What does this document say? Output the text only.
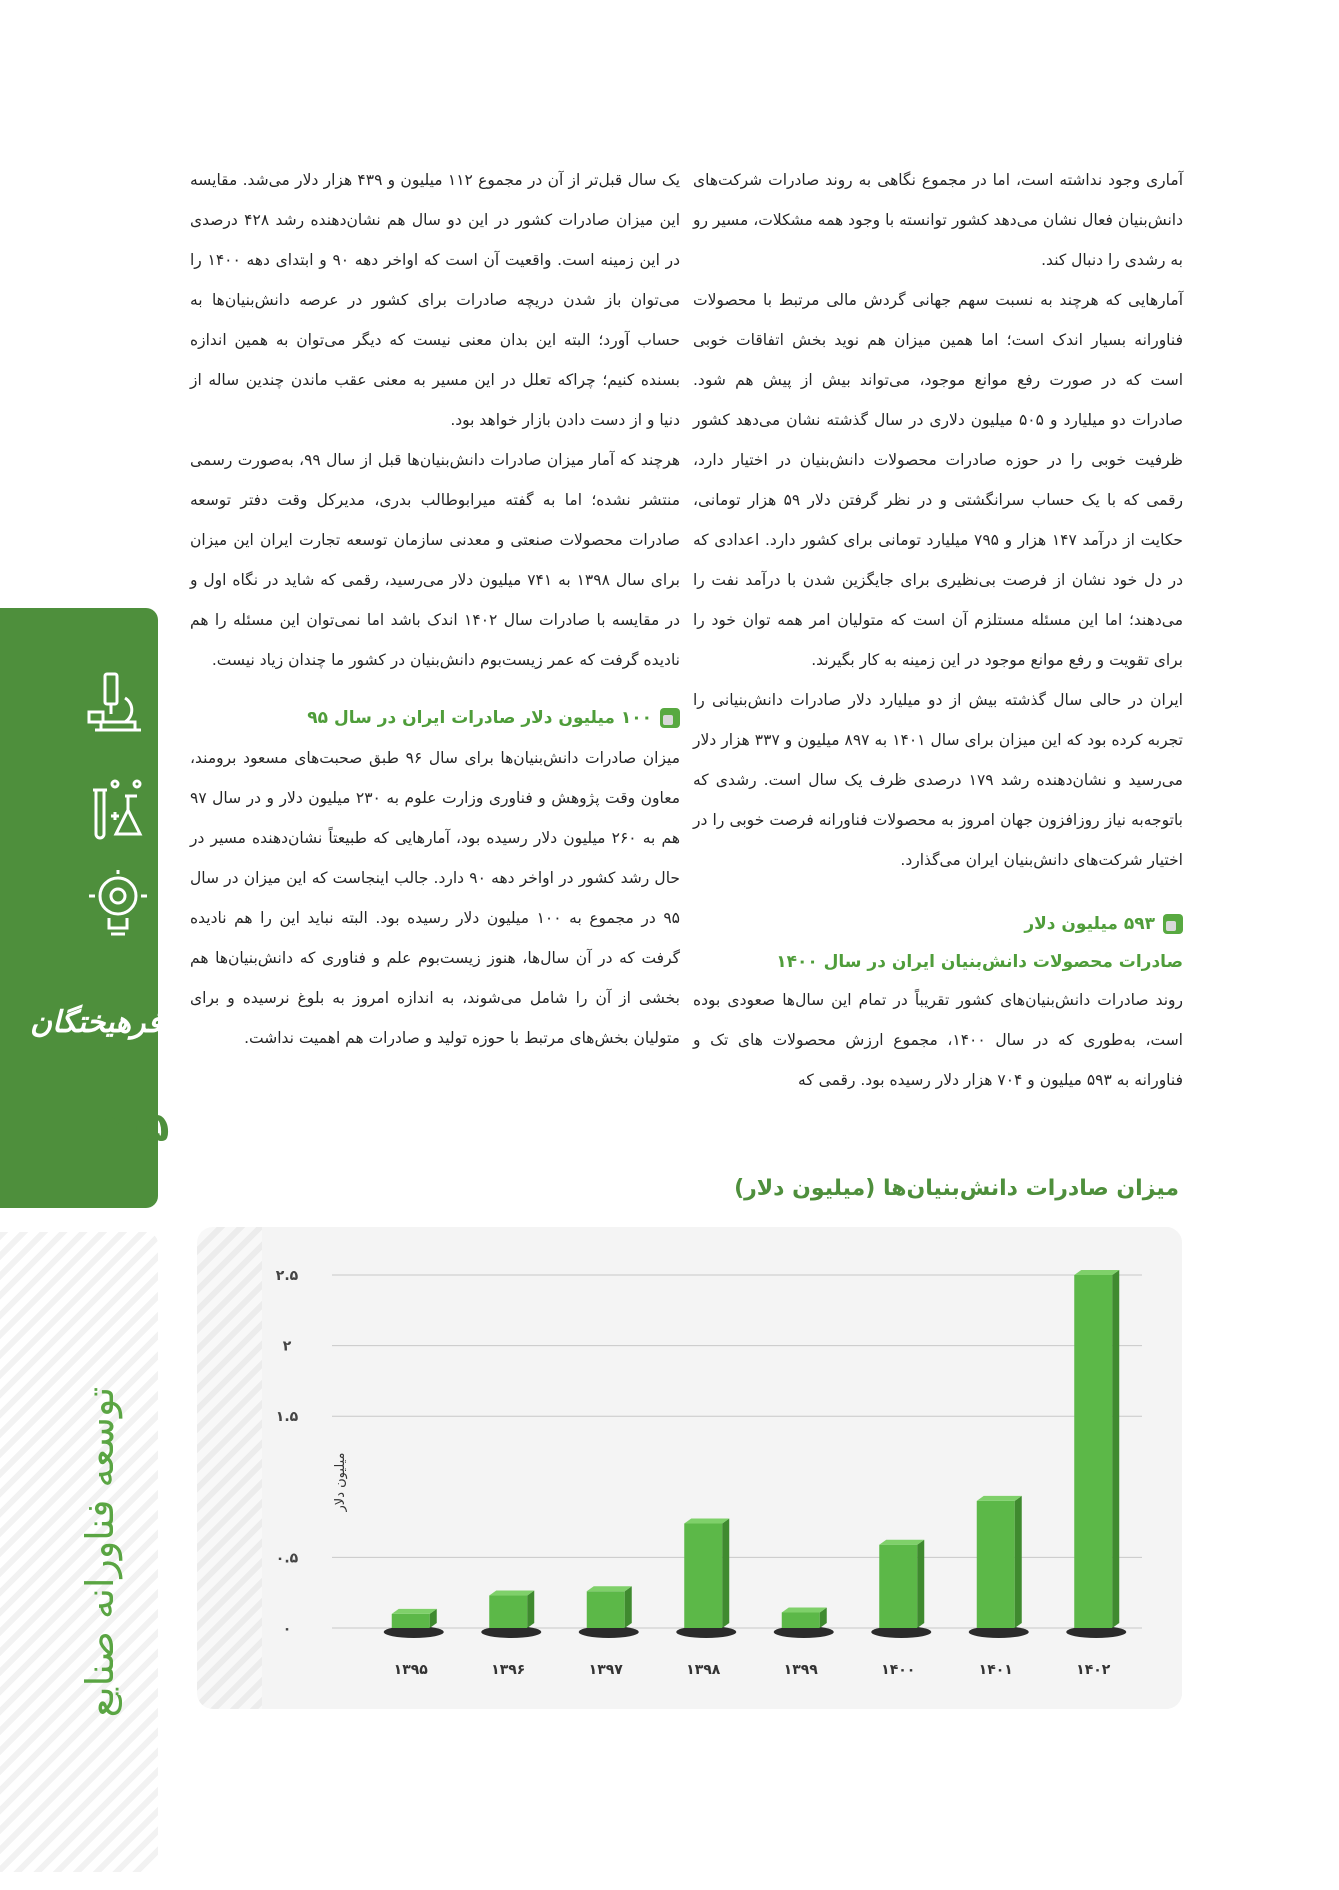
آماری وجود نداشته است، اما در مجموع نگاهی به روند صادرات شرکت‌های دانش‌بنیان فعال نشان می‌دهد کشور توانسته با وجود همه مشکلات، مسیر رو به رشدی را دنبال کند.

آمارهایی که هرچند به نسبت سهم جهانی گردش مالی مرتبط با محصولات فناورانه بسیار اندک است؛ اما همین میزان هم نوید بخش اتفاقات خوبی است که در صورت رفع موانع موجود، می‌تواند بیش از پیش هم شود. صادرات دو میلیارد و ۵۰۵ میلیون دلاری در سال گذشته نشان می‌دهد کشور ظرفیت خوبی را در حوزه صادرات محصولات دانش‌بنیان در اختیار دارد، رقمی که با یک حساب سرانگشتی و در نظر گرفتن دلار ۵۹ هزار تومانی، حکایت از درآمد ۱۴۷ هزار و ۷۹۵ میلیارد تومانی برای کشور دارد. اعدادی که در دل خود نشان از فرصت بی‌نظیری برای جایگزین شدن با درآمد نفت را می‌دهند؛ اما این مسئله مستلزم آن است که متولیان امر همه توان خود را برای تقویت و رفع موانع موجود در این زمینه به کار بگیرند.

ایران در حالی سال گذشته بیش از دو میلیارد دلار صادرات دانش‌بنیانی را تجربه کرده بود که این میزان برای سال ۱۴۰۱ به ۸۹۷ میلیون و ۳۳۷ هزار دلار می‌رسید و نشان‌دهنده رشد ۱۷۹ درصدی ظرف یک سال است. رشدی که باتوجه‌به نیاز روزافزون جهان امروز به محصولات فناورانه فرصت خوبی را در اختیار شرکت‌های دانش‌بنیان ایران می‌گذارد.

۵۹۳ میلیون دلار
صادرات محصولات دانش‌بنیان ایران در سال ۱۴۰۰

روند صادرات دانش‌بنیان‌های کشور تقریباً در تمام این سال‌ها صعودی بوده است، به‌طوری که در سال ۱۴۰۰، مجموع ارزش محصولات های تک و فناورانه به ۵۹۳ میلیون و ۷۰۴ هزار دلار رسیده بود. رقمی که

یک سال قبل‌تر از آن در مجموع ۱۱۲ میلیون و ۴۳۹ هزار دلار می‌شد. مقایسه این میزان صادرات کشور در این دو سال هم نشان‌دهنده رشد ۴۲۸ درصدی در این زمینه است. واقعیت آن است که اواخر دهه ۹۰ و ابتدای دهه ۱۴۰۰ را می‌توان باز شدن دریچه صادرات برای کشور در عرصه دانش‌بنیان‌ها به حساب آورد؛ البته این بدان معنی نیست که دیگر می‌توان به همین اندازه بسنده کنیم؛ چراکه تعلل در این مسیر به معنی عقب ماندن چندین ساله از دنیا و از دست دادن بازار خواهد بود.

هرچند که آمار میزان صادرات دانش‌بنیان‌ها قبل از سال ۹۹، به‌صورت رسمی منتشر نشده؛ اما به گفته میرابوطالب بدری، مدیرکل وقت دفتر توسعه صادرات محصولات صنعتی و معدنی سازمان توسعه تجارت ایران این میزان برای سال ۱۳۹۸ به ۷۴۱ میلیون دلار می‌رسید، رقمی که شاید در نگاه اول و در مقایسه با صادرات سال ۱۴۰۲ اندک باشد اما نمی‌توان این مسئله را هم نادیده گرفت که عمر زیست‌بوم دانش‌بنیان در کشور ما چندان زیاد نیست.

۱۰۰ میلیون دلار صادرات ایران در سال ۹۵

میزان صادرات دانش‌بنیان‌ها برای سال ۹۶ طبق صحبت‌های مسعود برومند، معاون وقت پژوهش و فناوری وزارت علوم به ۲۳۰ میلیون دلار و در سال ۹۷ هم به ۲۶۰ میلیون دلار رسیده بود، آمارهایی که طبیعتاً نشان‌دهنده مسیر در حال رشد کشور در اواخر دهه ۹۰ دارد. جالب اینجاست که این میزان در سال ۹۵ در مجموع به ۱۰۰ میلیون دلار رسیده بود. البته نباید این را هم نادیده گرفت که در آن سال‌ها، هنوز زیست‌بوم علم و فناوری که دانش‌بنیان‌ها هم بخشی از آن را شامل می‌شوند، به اندازه امروز به بلوغ نرسیده و برای متولیان بخش‌های مرتبط با حوزه تولید و صادرات هم اهمیت نداشت.

فرهیختگان
۳۰۵
توسعه فناورانه صنایع
میزان صادرات دانش‌بنیان‌ها (میلیون دلار)
۰
۰.۵
۱.۵
۲
۲.۵
میلیون دلار
۱۳۹۵	۱۳۹۶	۱۳۹۷	۱۳۹۸	۱۳۹۹	۱۴۰۰	۱۴۰۱	۱۴۰۲
